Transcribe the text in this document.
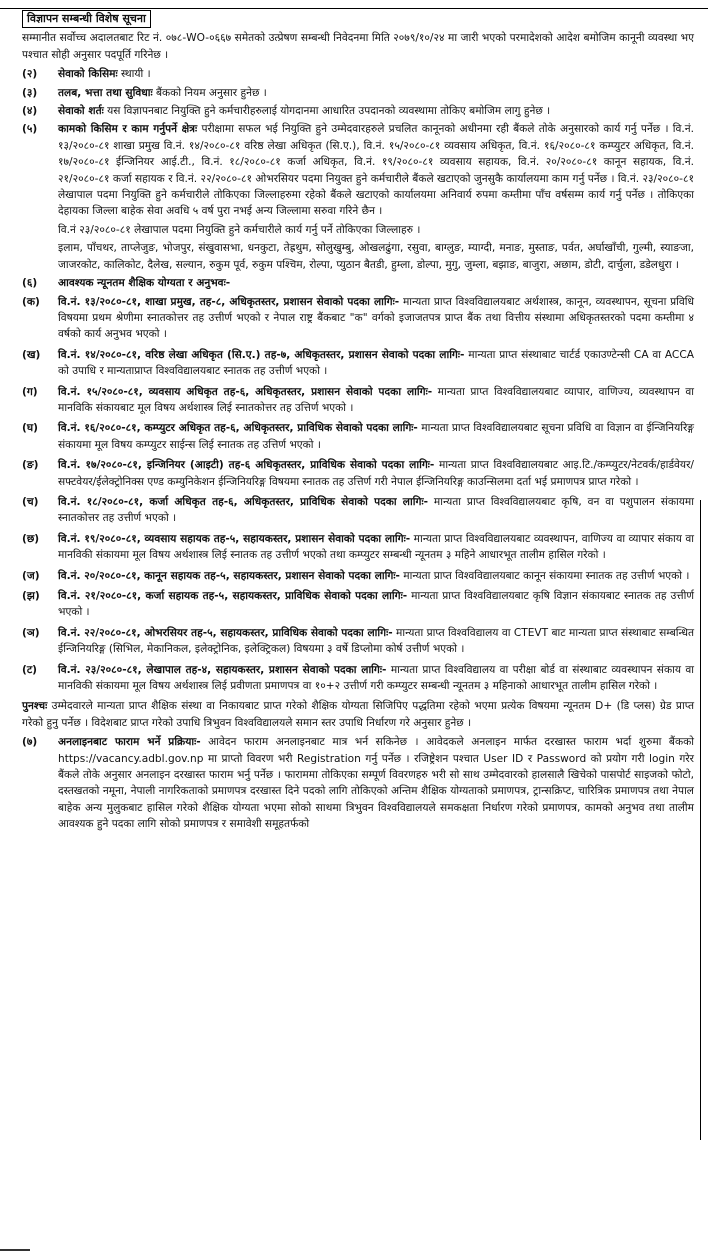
विज्ञापन सम्बन्धी विशेष सूचना
सम्मानीत सर्वोच्च अदालतबाट रिट नं. ०७८-WO-०६६७ समेतको उत्प्रेषण सम्बन्धी निवेदनमा मिति २०७९/१०/२४ मा जारी भएको परमादेशको आदेश बमोजिम कानूनी व्यवस्था भए पश्चात सोही अनुसार पदपूर्ति गरिनेछ ।
(२)	सेवाको किसिमः स्थायी ।
(३)	तलब, भत्ता तथा सुविधाः बैंकको नियम अनुसार हुनेछ ।
(४)	सेवाको शर्तः यस विज्ञापनबाट नियुक्ति हुने कर्मचारीहरुलाई योगदानमा आधारित उपदानको व्यवस्थामा तोकिए बमोजिम लागु हुनेछ ।
(५)	कामको किसिम र काम गर्नुपर्ने क्षेत्रः परीक्षामा सफल भई नियुक्ति हुने उम्मेदवारहरुले प्रचलित कानूनको अधीनमा रही बैंकले तोके अनुसारको कार्य गर्नु पर्नेछ । वि.नं. १३/२०८०-८१ शाखा प्रमुख वि.नं. १४/२०८०-८१ वरिष्ठ लेखा अधिकृत (सि.ए.), वि.नं. १५/२०८०-८१ व्यवसाय अधिकृत, वि.नं. १६/२०८०-८१ कम्प्युटर अधिकृत, वि.नं. १७/२०८०-८१ ईन्जिनियर आई.टी., वि.नं. १८/२०८०-८१ कर्जा अधिकृत, वि.नं. १९/२०८०-८१ व्यवसाय सहायक, वि.नं. २०/२०८०-८१ कानून सहायक, वि.नं. २१/२०८०-८१ कर्जा सहायक र वि.नं. २२/२०८०-८१ ओभरसियर पदमा नियुक्त हुने कर्मचारीले बैंकले खटाएको जुनसुकै कार्यालयमा काम गर्नु पर्नेछ । वि.नं. २३/२०८०-८१ लेखापाल पदमा नियुक्ति हुने कर्मचारीले तोकिएका जिल्लाहरुमा रहेको बैंकले खटाएको कार्यालयमा अनिवार्य रुपमा कम्तीमा पाँच वर्षसम्म कार्य गर्नु पर्नेछ । तोकिएका देहायका जिल्ला बाहेक सेवा अवधि ५ वर्ष पुरा नभई अन्य जिल्लामा सरुवा गरिने छैन ।
वि.नं २३/२०८०-८१ लेखापाल पदमा नियुक्ति हुने कर्मचारीले कार्य गर्नु पर्ने तोकिएका जिल्लाहरु ।
इलाम, पाँचथर, ताप्लेजुङ, भोजपुर, संखुवासभा, धनकुटा, तेह्रथुम, सोलुखुम्बु, ओखलढुंगा, रसुवा, बाग्लुङ, म्याग्दी, मनाङ, मुस्ताङ, पर्वत, अर्घाखाँची, गुल्मी, स्याङजा, जाजरकोट, कालिकोट, दैलेख, सल्यान, रुकुम पूर्व, रुकुम पश्चिम, रोल्पा, प्युठान बैतडी, हुम्ला, डोल्पा, मुगु, जुम्ला, बझाङ, बाजुरा, अछाम, डोटी, दार्चुला, डडेलधुरा ।
(६)	आवश्यक न्यूनतम शैक्षिक योग्यता र अनुभवः-
(क)	वि.नं. १३/२०८०-८१, शाखा प्रमुख, तह-८, अधिकृतस्तर, प्रशासन सेवाको पदका लागिः- मान्यता प्राप्त विश्वविद्यालयबाट अर्थशास्त्र, कानून, व्यवस्थापन, सूचना प्रविधि विषयमा प्रथम श्रेणीमा स्नातकोत्तर तह उत्तीर्ण भएको र नेपाल राष्ट्र बैंकबाट "क" वर्गको इजाजतपत्र प्राप्त बैंक तथा वित्तीय संस्थामा अधिकृतस्तरको पदमा कम्तीमा ४ वर्षको कार्य अनुभव भएको ।
(ख)	वि.नं. १४/२०८०-८१, वरिष्ठ लेखा अधिकृत (सि.ए.) तह-७, अधिकृतस्तर, प्रशासन सेवाको पदका लागिः- मान्यता प्राप्त संस्थाबाट चार्टर्ड एकाउण्टेन्सी CA वा ACCA को उपाधि र मान्यताप्राप्त विश्वविद्यालयबाट स्नातक तह उत्तीर्ण भएको ।
(ग)	वि.नं. १५/२०८०-८१, व्यवसाय अधिकृत तह-६, अधिकृतस्तर, प्रशासन सेवाको पदका लागिः- मान्यता प्राप्त विश्वविद्यालयबाट व्यापार, वाणिज्य, व्यवस्थापन वा मानविकि संकायबाट मूल विषय अर्थशास्त्र लिई स्नातकोत्तर तह उत्तिर्ण भएको ।
(घ)	वि.नं. १६/२०८०-८१, कम्प्युटर अधिकृत तह-६, अधिकृतस्तर, प्राविधिक सेवाको पदका लागिः- मान्यता प्राप्त विश्वविद्यालयबाट सूचना प्रविधि वा विज्ञान वा ईन्जिनियरिङ्ग संकायमा मूल विषय कम्प्युटर साईन्स लिई स्नातक तह उत्तिर्ण भएको ।
(ङ)	वि.नं. १७/२०८०-८१, इन्जिनियर (आइटी) तह-६ अधिकृतस्तर, प्राविधिक सेवाको पदका लागिः- मान्यता प्राप्त विश्वविद्यालयबाट आइ.टि./कम्प्युटर/नेटवर्क/हार्डवेयर/सफ्टवेयर/ईलेक्ट्रोनिक्स एण्ड कम्युनिकेशन ईन्जिनियरिङ्ग विषयमा स्नातक तह उत्तिर्ण गरी नेपाल ईन्जिनियरिङ्ग काउन्सिलमा दर्ता भई प्रमाणपत्र प्राप्त गरेको ।
(च)	वि.नं. १८/२०८०-८१, कर्जा अधिकृत तह-६, अधिकृतस्तर, प्राविधिक सेवाको पदका लागिः- मान्यता प्राप्त विश्वविद्यालयबाट कृषि, वन वा पशुपालन संकायमा स्नातकोत्तर तह उत्तीर्ण भएको ।
(छ)	वि.नं. १९/२०८०-८१, व्यवसाय सहायक तह-५, सहायकस्तर, प्रशासन सेवाको पदका लागिः- मान्यता प्राप्त विश्वविद्यालयबाट व्यवस्थापन, वाणिज्य वा व्यापार संकाय वा मानविकी संकायमा मूल विषय अर्थशास्त्र लिई स्नातक तह उत्तीर्ण भएको तथा कम्प्युटर सम्बन्धी न्यूनतम ३ महिने आधारभूत तालीम हासिल गरेको ।
(ज)	वि.नं. २०/२०८०-८१, कानून सहायक तह-५, सहायकस्तर, प्रशासन सेवाको पदका लागिः- मान्यता प्राप्त विश्वविद्यालयबाट कानून संकायमा स्नातक तह उत्तीर्ण भएको ।
(झ)	वि.नं. २१/२०८०-८१, कर्जा सहायक तह-५, सहायकस्तर, प्राविधिक सेवाको पदका लागिः- मान्यता प्राप्त विश्वविद्यालयबाट कृषि विज्ञान संकायबाट स्नातक तह उत्तीर्ण भएको ।
(ञ)	वि.नं. २२/२०८०-८१, ओभरसियर तह-५, सहायकस्तर, प्राविधिक सेवाको पदका लागिः- मान्यता प्राप्त विश्वविद्यालय वा CTEVT बाट मान्यता प्राप्त संस्थाबाट सम्बन्धित ईन्जिनियरिङ्ग (सिभिल, मेकानिकल, इलेक्ट्रोनिक, इलेक्ट्रिकल) विषयमा ३ वर्षे डिप्लोमा कोर्ष उत्तीर्ण भएको ।
(ट)	वि.नं. २३/२०८०-८१, लेखापाल तह-४, सहायकस्तर, प्रशासन सेवाको पदका लागिः- मान्यता प्राप्त विश्वविद्यालय वा परीक्षा बोर्ड वा संस्थाबाट व्यवस्थापन संकाय वा मानविकी संकायमा मूल विषय अर्थशास्त्र लिई प्रवीणता प्रमाणपत्र वा १०+२ उत्तीर्ण गरी कम्प्युटर सम्बन्धी न्यूनतम ३ महिनाको आधारभूत तालीम हासिल गरेको ।
पुनश्चः उम्मेदवारले मान्यता प्राप्त शैक्षिक संस्था वा निकायबाट प्राप्त गरेको शैक्षिक योग्यता सिजिपिए पद्धतिमा रहेको भएमा प्रत्येक विषयमा न्यूनतम D+ (डि प्लस) ग्रेड प्राप्त गरेको हुनु पर्नेछ । विदेशबाट प्राप्त गरेको उपाधि त्रिभुवन विश्वविद्यालयले समान स्तर उपाधि निर्धारण गरे अनुसार हुनेछ ।
(७)	अनलाइनबाट फाराम भर्ने प्रक्रियाः- आवेदन फाराम अनलाइनबाट मात्र भर्न सकिनेछ । आवेदकले अनलाइन मार्फत दरखास्त फाराम भर्दा शुरुमा बैंकको https://vacancy.adbl.gov.np मा प्राप्तो विवरण भरी Registration गर्नु पर्नेछ । रजिष्ट्रेशन पश्चात User ID र Password को प्रयोग गरी login गरेर बैंकले तोके अनुसार अनलाइन दरखास्त फाराम भर्नु पर्नेछ । फाराममा तोकिएका सम्पूर्ण विवरणहरु भरी सो साथ उम्मेदवारको हालसालै खिचेको पासपोर्ट साइजको फोटो, दस्तखतको नमूना, नेपाली नागरिकताको प्रमाणपत्र दरखास्त दिने पदको लागि तोकिएको अन्तिम शैक्षिक योग्यताको प्रमाणपत्र, ट्रान्सक्रिप्ट, चारित्रिक प्रमाणपत्र तथा नेपाल बाहेक अन्य मुलुकबाट हासिल गरेको शैक्षिक योग्यता भएमा सोको साथमा त्रिभुवन विश्वविद्यालयले समकक्षता निर्धारण गरेको प्रमाणपत्र, कामको अनुभव तथा तालीम आवश्यक हुने पदका लागि सोको प्रमाणपत्र र समावेशी समूहतर्फको
